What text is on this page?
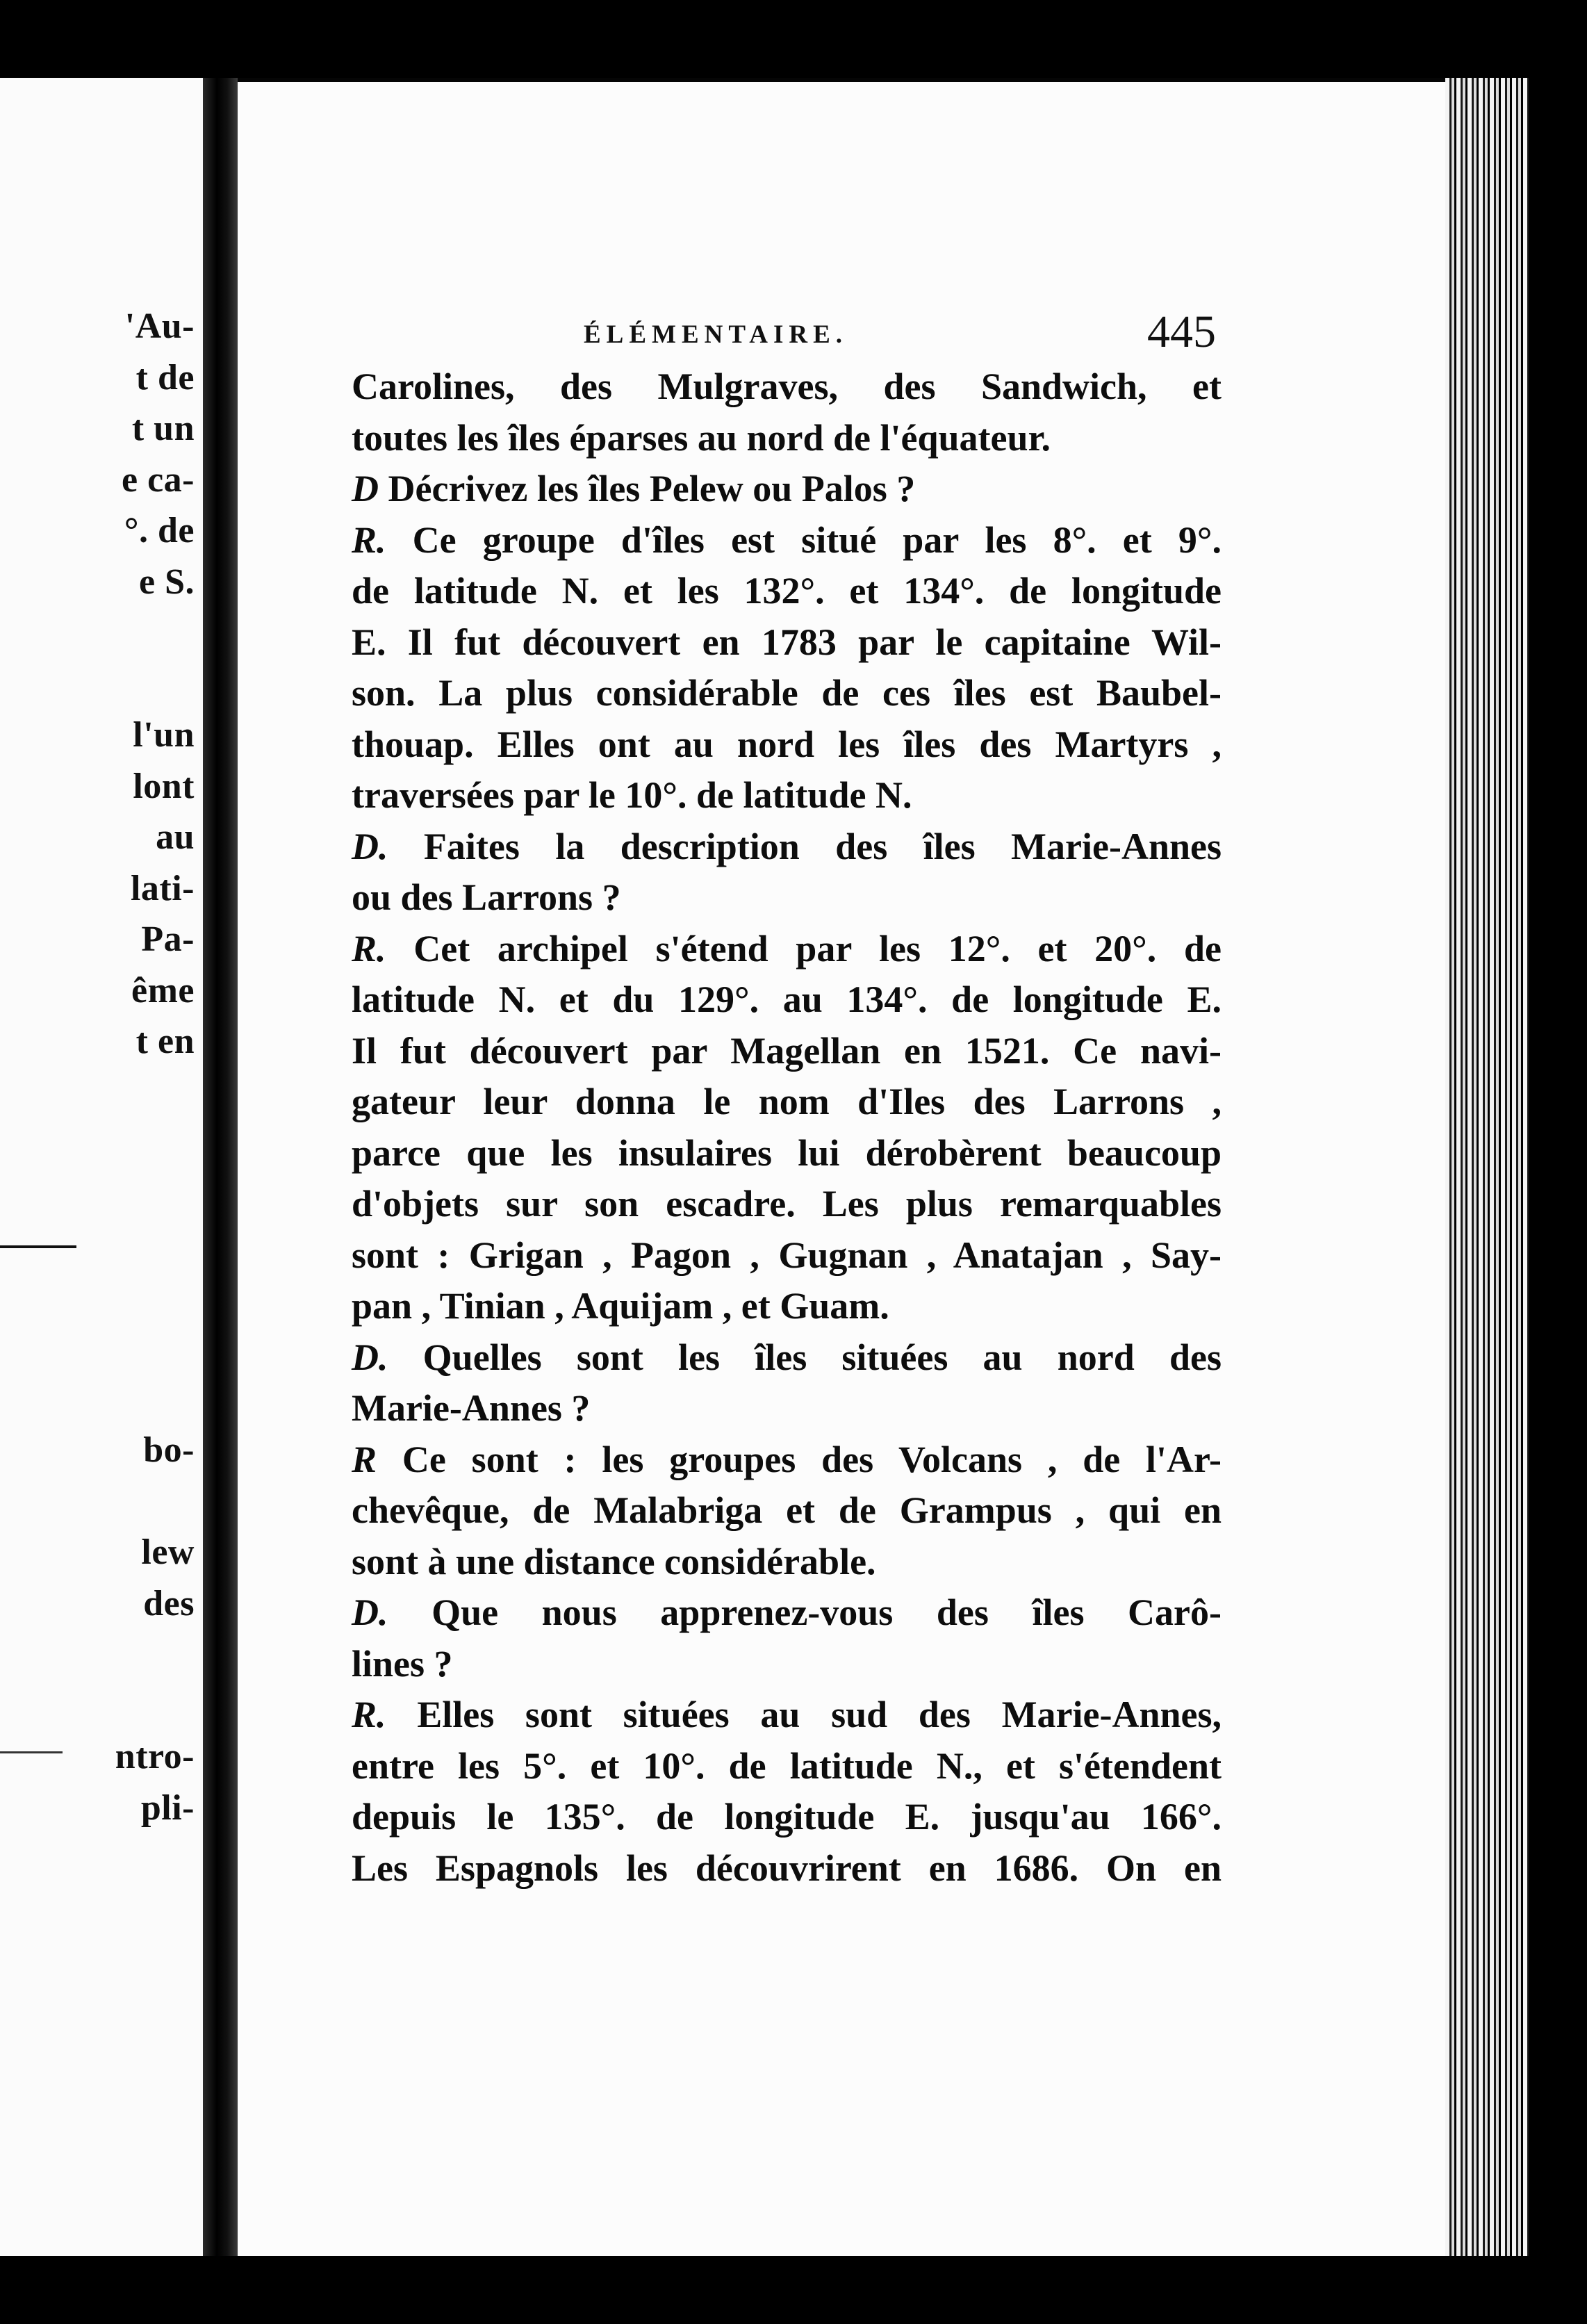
'Au-
t de
t un
e ca-
°. de
e S.
l'un
lont
au
lati-
Pa-
ême
t en
bo-
lew
des
ntro-
pli-
ÉLÉMENTAIRE.	445
Carolines, des Mulgraves, des Sandwich, et
toutes les îles éparses au nord de l'équateur.
D Décrivez les îles Pelew ou Palos ?
R. Ce groupe d'îles est situé par les 8°. et 9°.
de latitude N. et les 132°. et 134°. de longitude
E. Il fut découvert en 1783 par le capitaine Wil-
son. La plus considérable de ces îles est Baubel-
thouap. Elles ont au nord les îles des Martyrs ,
traversées par le 10°. de latitude N.
D. Faites la description des îles Marie-Annes
ou des Larrons ?
R. Cet archipel s'étend par les 12°. et 20°. de
latitude N. et du 129°. au 134°. de longitude E.
Il fut découvert par Magellan en 1521. Ce navi-
gateur leur donna le nom d'Iles des Larrons ,
parce que les insulaires lui dérobèrent beaucoup
d'objets sur son escadre. Les plus remarquables
sont : Grigan , Pagon , Gugnan , Anatajan , Say-
pan , Tinian , Aquijam , et Guam.
D. Quelles sont les îles situées au nord des
Marie-Annes ?
R Ce sont : les groupes des Volcans , de l'Ar-
chevêque, de Malabriga et de Grampus , qui en
sont à une distance considérable.
D. Que nous apprenez-vous des îles Carô-
lines ?
R. Elles sont situées au sud des Marie-Annes,
entre les 5°. et 10°. de latitude N., et s'étendent
depuis le 135°. de longitude E. jusqu'au 166°.
Les Espagnols les découvrirent en 1686. On en
